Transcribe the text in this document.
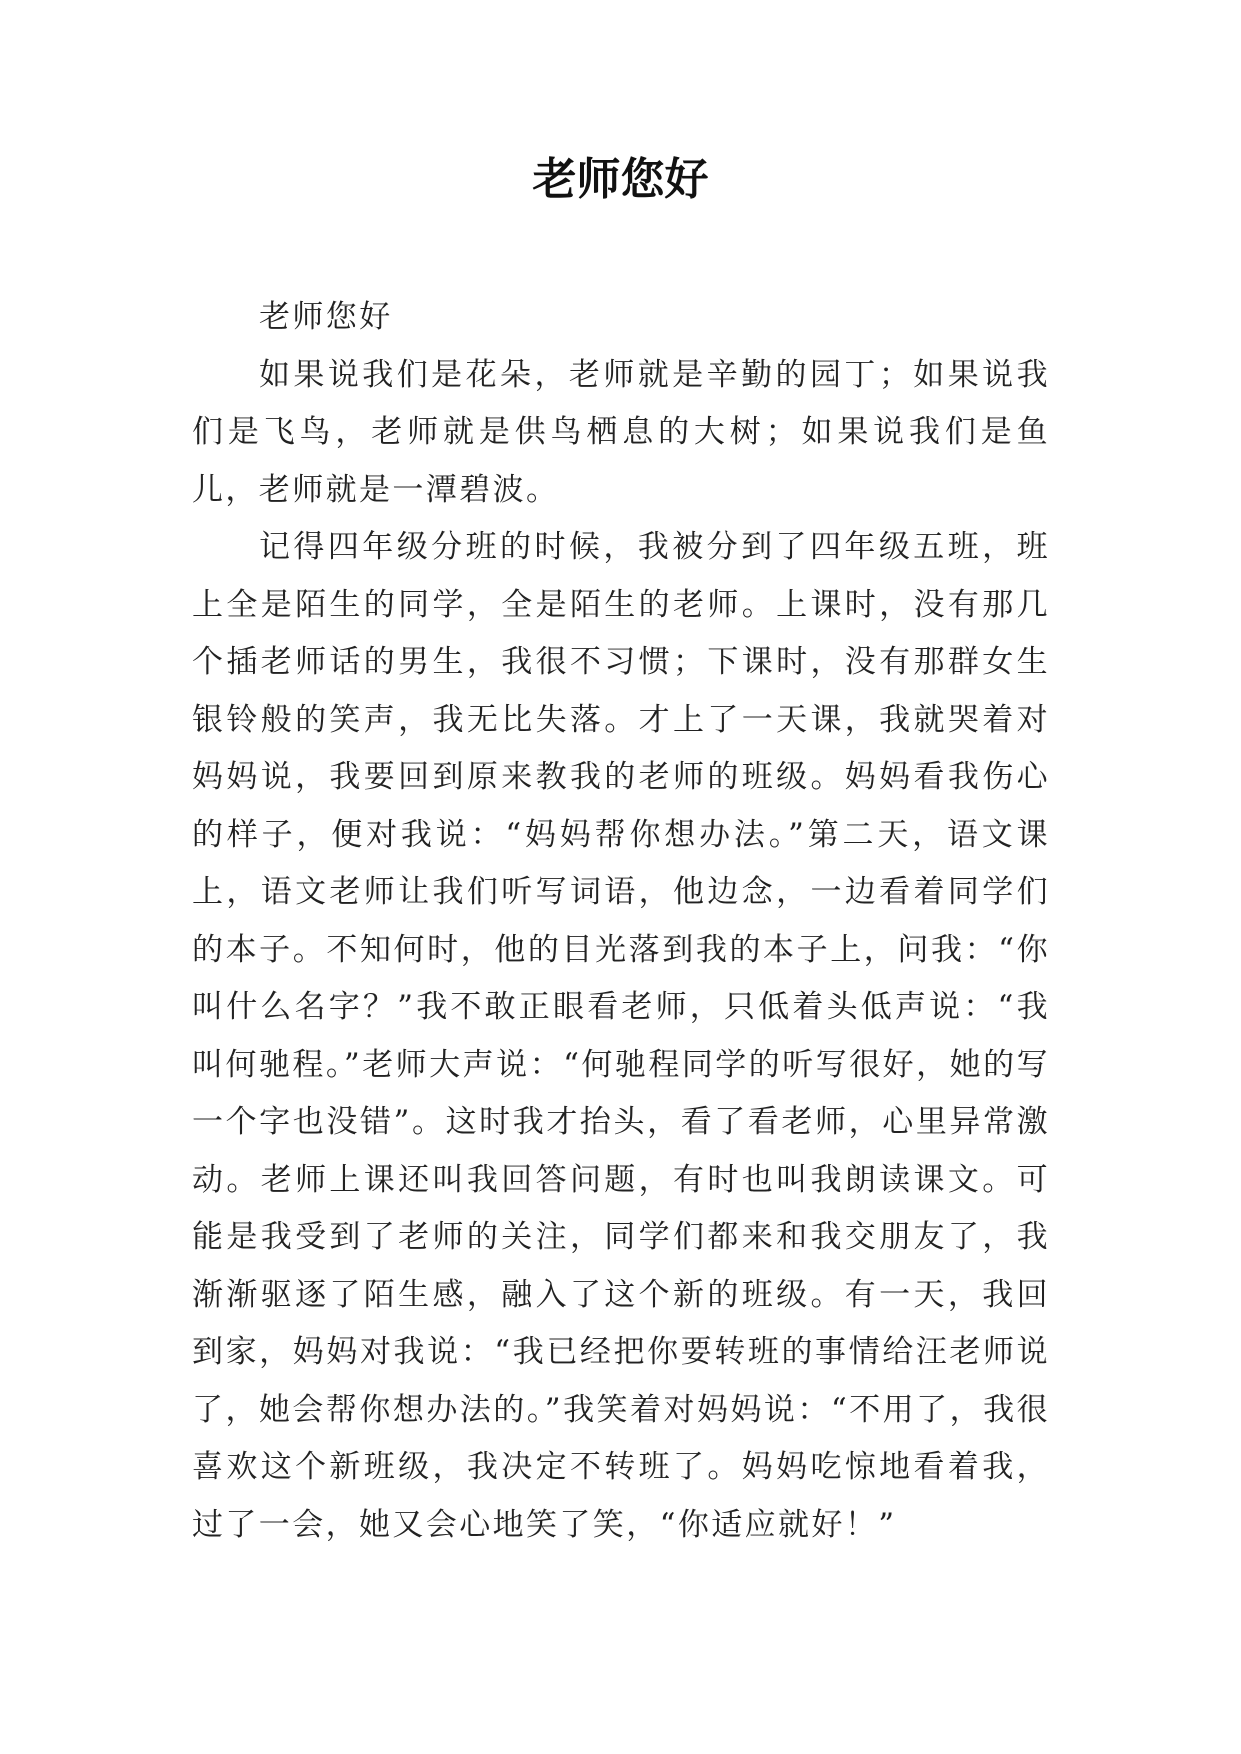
老师您好

老师您好

如果说我们是花朵，老师就是辛勤的园丁；如果说我们是飞鸟，老师就是供鸟栖息的大树；如果说我们是鱼儿，老师就是一潭碧波。

记得四年级分班的时候，我被分到了四年级五班，班上全是陌生的同学，全是陌生的老师。上课时，没有那几个插老师话的男生，我很不习惯；下课时，没有那群女生银铃般的笑声，我无比失落。才上了一天课，我就哭着对妈妈说，我要回到原来教我的老师的班级。妈妈看我伤心的样子，便对我说：“妈妈帮你想办法。”第二天，语文课上，语文老师让我们听写词语，他边念，一边看着同学们的本子。不知何时，他的目光落到我的本子上，问我：“你叫什么名字？”我不敢正眼看老师，只低着头低声说：“我叫何驰程。”老师大声说：“何驰程同学的听写很好，她的写一个字也没错”。这时我才抬头，看了看老师，心里异常激动。老师上课还叫我回答问题，有时也叫我朗读课文。可能是我受到了老师的关注，同学们都来和我交朋友了，我渐渐驱逐了陌生感，融入了这个新的班级。有一天，我回到家，妈妈对我说：“我已经把你要转班的事情给汪老师说了，她会帮你想办法的。”我笑着对妈妈说：“不用了，我很喜欢这个新班级，我决定不转班了。妈妈吃惊地看着我，过了一会，她又会心地笑了笑，“你适应就好！”
